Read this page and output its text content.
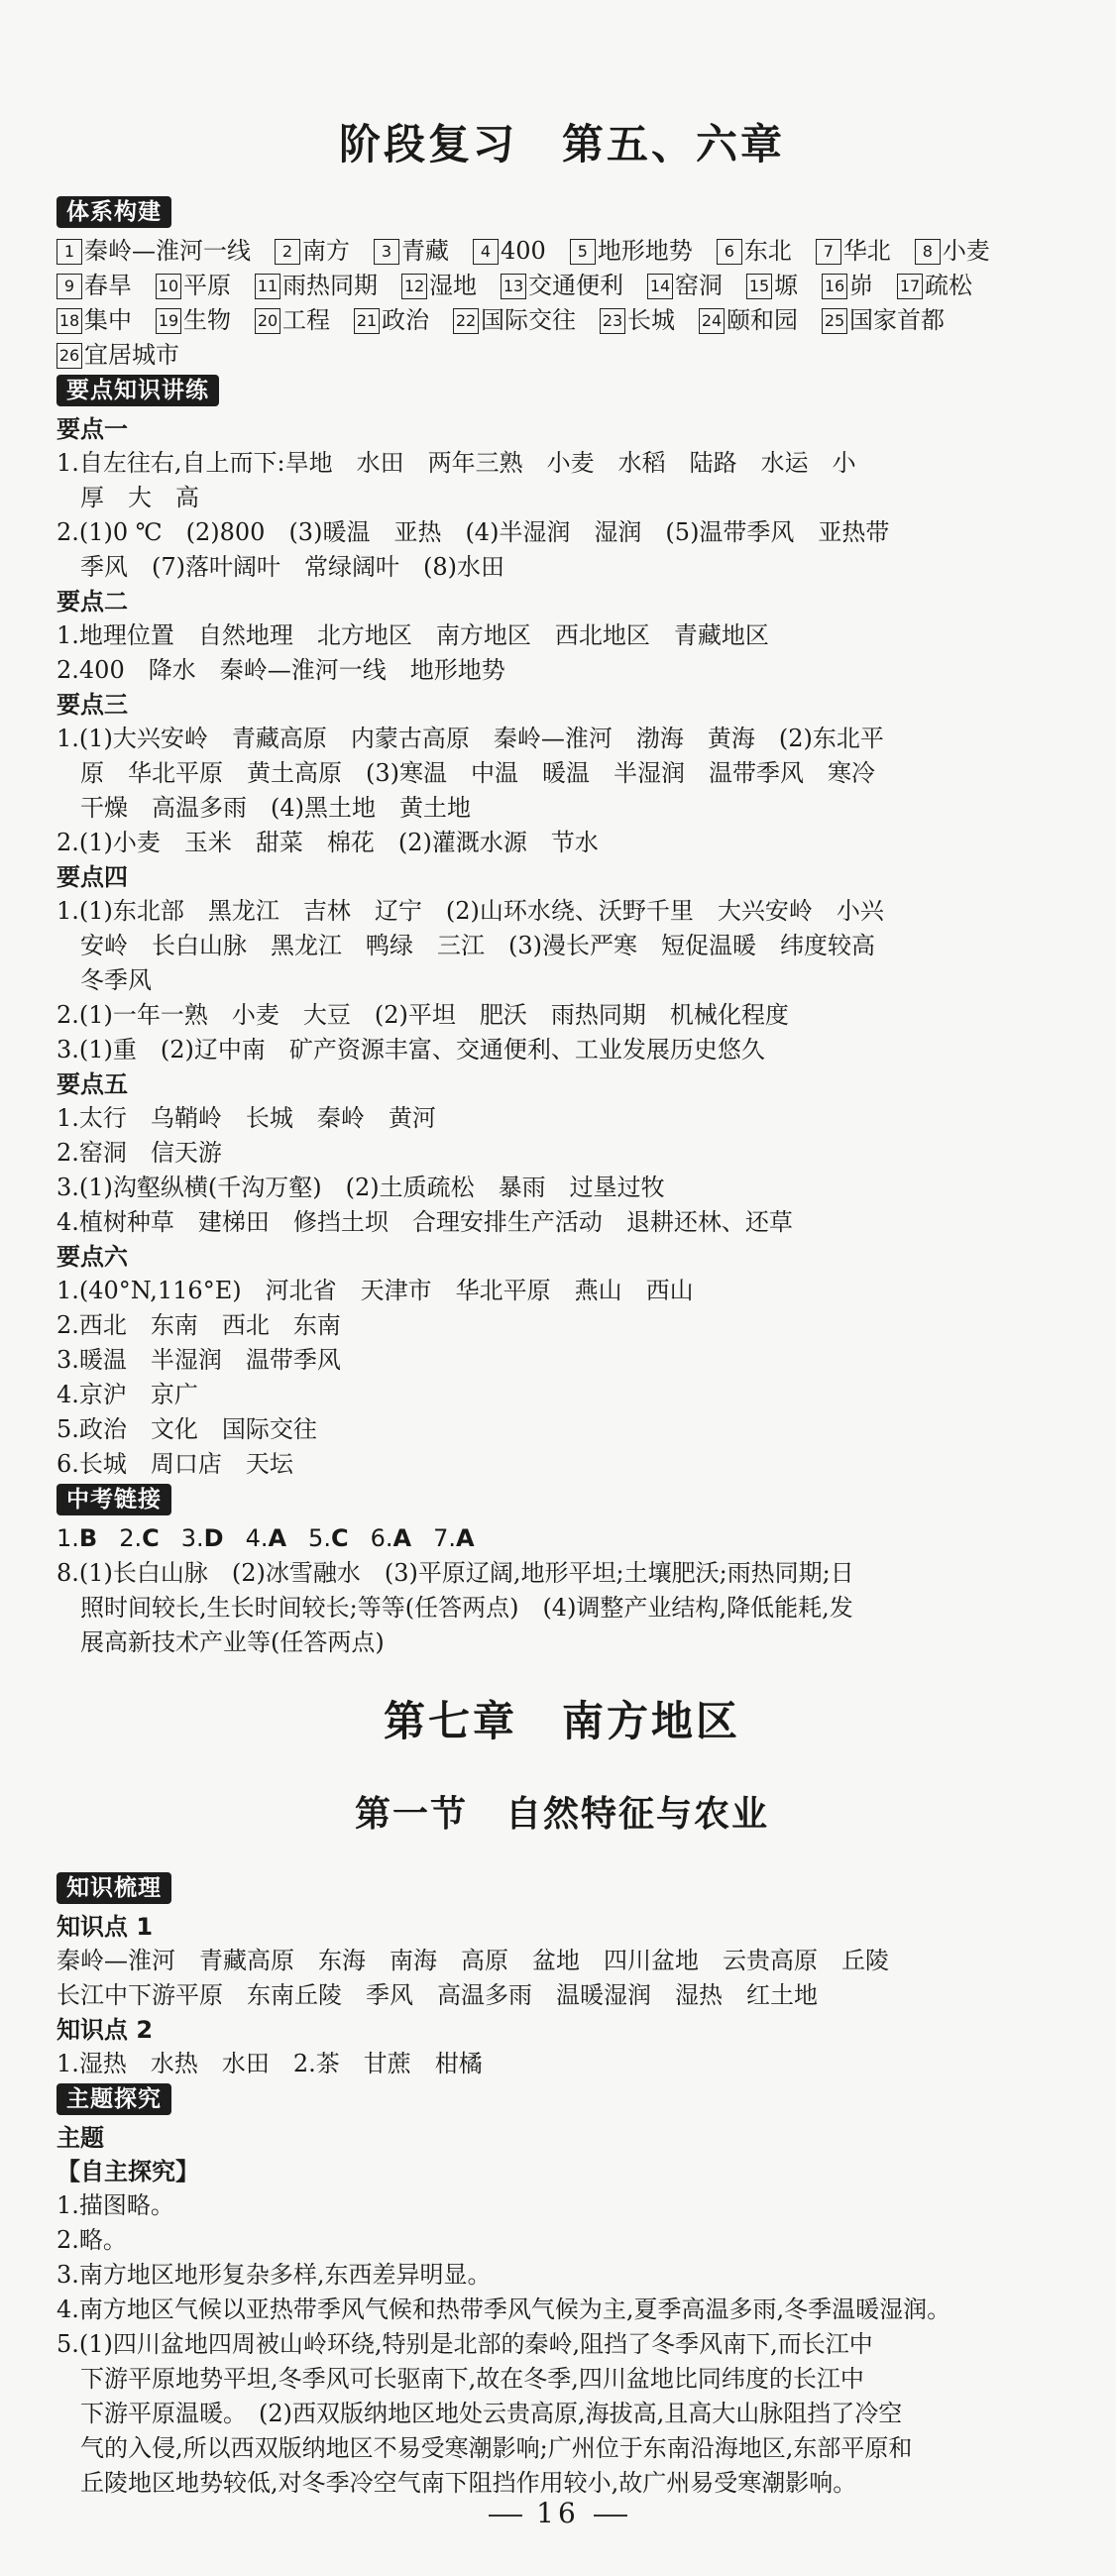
阶段复习　第五、六章
体系构建
1 秦岭—淮河一线	2 南方	3 青藏	4 400	5 地形地势	6 东北	7 华北	8 小麦
9 春旱 10 平原 11 雨热同期 12 湿地 13 交通便利 14 窑洞 15 塬 16 峁 17 疏松
18 集中 19 生物 20 工程 21 政治 22 国际交往 23 长城 24 颐和园 25 国家首都
26 宜居城市
要点知识讲练
要点一
1.自左往右,自上而下:旱地　水田　两年三熟　小麦　水稻　陆路　水运　小
　厚　大　高
2.(1)0 ℃　(2)800　(3)暖温　亚热　(4)半湿润　湿润　(5)温带季风　亚热带
　季风　(7)落叶阔叶　常绿阔叶　(8)水田
要点二
1.地理位置　自然地理　北方地区　南方地区　西北地区　青藏地区
2.400　降水　秦岭—淮河一线　地形地势
要点三
1.(1)大兴安岭　青藏高原　内蒙古高原　秦岭—淮河　渤海　黄海　(2)东北平
　原　华北平原　黄土高原　(3)寒温　中温　暖温　半湿润　温带季风　寒冷
　干燥　高温多雨　(4)黑土地　黄土地
2.(1)小麦　玉米　甜菜　棉花　(2)灌溉水源　节水
要点四
1.(1)东北部　黑龙江　吉林　辽宁　(2)山环水绕、沃野千里　大兴安岭　小兴
　安岭　长白山脉　黑龙江　鸭绿　三江　(3)漫长严寒　短促温暖　纬度较高
　冬季风
2.(1)一年一熟　小麦　大豆　(2)平坦　肥沃　雨热同期　机械化程度
3.(1)重　(2)辽中南　矿产资源丰富、交通便利、工业发展历史悠久
要点五
1.太行　乌鞘岭　长城　秦岭　黄河
2.窑洞　信天游
3.(1)沟壑纵横(千沟万壑)　(2)土质疏松　暴雨　过垦过牧
4.植树种草　建梯田　修挡土坝　合理安排生产活动　退耕还林、还草
要点六
1.(40°N,116°E)　河北省　天津市　华北平原　燕山　西山
2.西北　东南　西北　东南
3.暖温　半湿润　温带季风
4.京沪　京广
5.政治　文化　国际交往
6.长城　周口店　天坛
中考链接
1.B 2.C 3.D 4.A 5.C 6.A 7.A
8.(1)长白山脉　(2)冰雪融水　(3)平原辽阔,地形平坦;土壤肥沃;雨热同期;日
　照时间较长,生长时间较长;等等(任答两点)　(4)调整产业结构,降低能耗,发
　展高新技术产业等(任答两点)
第七章　南方地区
第一节　自然特征与农业
知识梳理
知识点 1
秦岭—淮河　青藏高原　东海　南海　高原　盆地　四川盆地　云贵高原　丘陵
长江中下游平原　东南丘陵　季风　高温多雨　温暖湿润　湿热　红土地
知识点 2
1.湿热　水热　水田　2.茶　甘蔗　柑橘
主题探究
主题
【自主探究】
1.描图略。
2.略。
3.南方地区地形复杂多样,东西差异明显。
4.南方地区气候以亚热带季风气候和热带季风气候为主,夏季高温多雨,冬季温暖湿润。
5.(1)四川盆地四周被山岭环绕,特别是北部的秦岭,阻挡了冬季风南下,而长江中
　下游平原地势平坦,冬季风可长驱南下,故在冬季,四川盆地比同纬度的长江中
　下游平原温暖。　(2)西双版纳地区地处云贵高原,海拔高,且高大山脉阻挡了冷空
　气的入侵,所以西双版纳地区不易受寒潮影响;广州位于东南沿海地区,东部平原和
　丘陵地区地势较低,对冬季冷空气南下阻挡作用较小,故广州易受寒潮影响。
16
